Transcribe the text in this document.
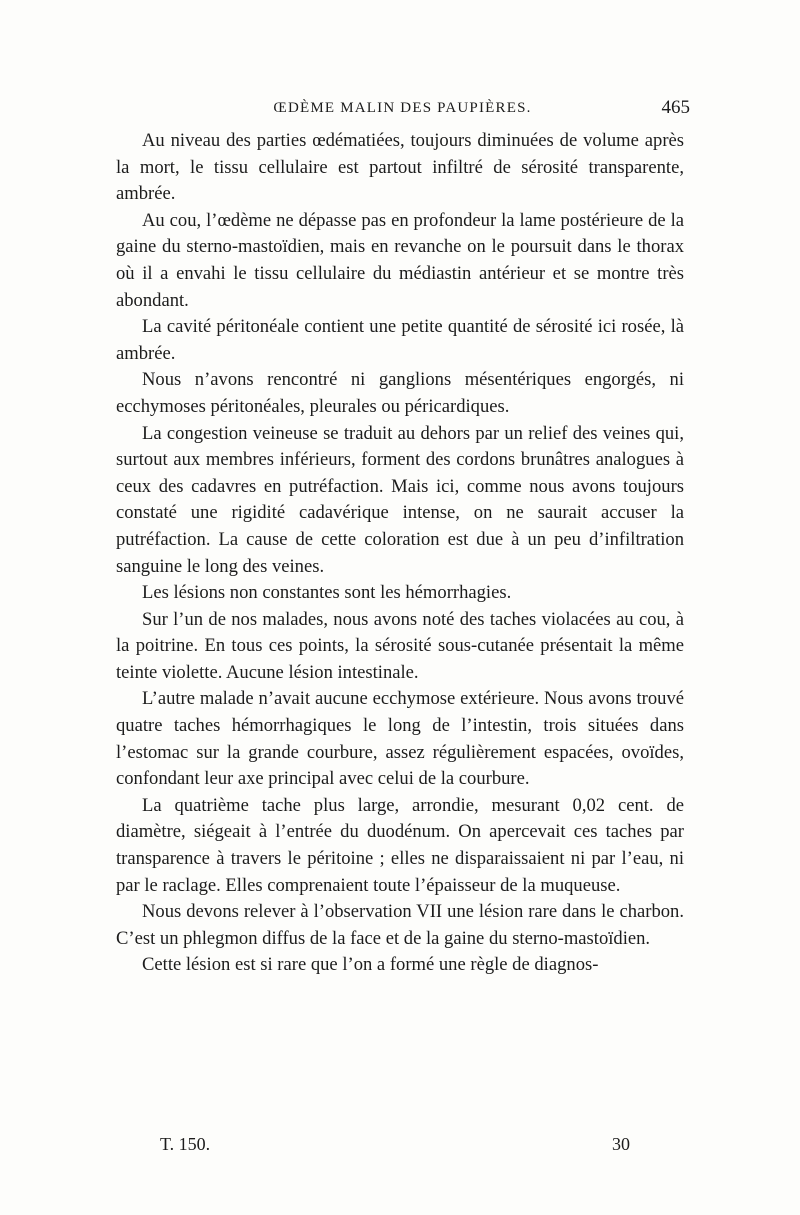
ŒDÈME MALIN DES PAUPIÈRES.	465

Au niveau des parties œdématiées, toujours diminuées de volume après la mort, le tissu cellulaire est partout infiltré de sérosité transparente, ambrée.

Au cou, l’œdème ne dépasse pas en profondeur la lame postérieure de la gaine du sterno-mastoïdien, mais en revanche on le poursuit dans le thorax où il a envahi le tissu cellulaire du médiastin antérieur et se montre très abondant.

La cavité péritonéale contient une petite quantité de sérosité ici rosée, là ambrée.

Nous n’avons rencontré ni ganglions mésentériques engorgés, ni ecchymoses péritonéales, pleurales ou péricardiques.

La congestion veineuse se traduit au dehors par un relief des veines qui, surtout aux membres inférieurs, forment des cordons brunâtres analogues à ceux des cadavres en putréfaction. Mais ici, comme nous avons toujours constaté une rigidité cadavérique intense, on ne saurait accuser la putréfaction. La cause de cette coloration est due à un peu d’infiltration sanguine le long des veines.

Les lésions non constantes sont les hémorrhagies.

Sur l’un de nos malades, nous avons noté des taches violacées au cou, à la poitrine. En tous ces points, la sérosité sous-cutanée présentait la même teinte violette. Aucune lésion intestinale.

L’autre malade n’avait aucune ecchymose extérieure. Nous avons trouvé quatre taches hémorrhagiques le long de l’intestin, trois situées dans l’estomac sur la grande courbure, assez régulièrement espacées, ovoïdes, confondant leur axe principal avec celui de la courbure.

La quatrième tache plus large, arrondie, mesurant 0,02 cent. de diamètre, siégeait à l’entrée du duodénum. On apercevait ces taches par transparence à travers le péritoine ; elles ne disparaissaient ni par l’eau, ni par le raclage. Elles comprenaient toute l’épaisseur de la muqueuse.

Nous devons relever à l’observation VII une lésion rare dans le charbon. C’est un phlegmon diffus de la face et de la gaine du sterno-mastoïdien.

Cette lésion est si rare que l’on a formé une règle de diagnos-

T. 150.	30
